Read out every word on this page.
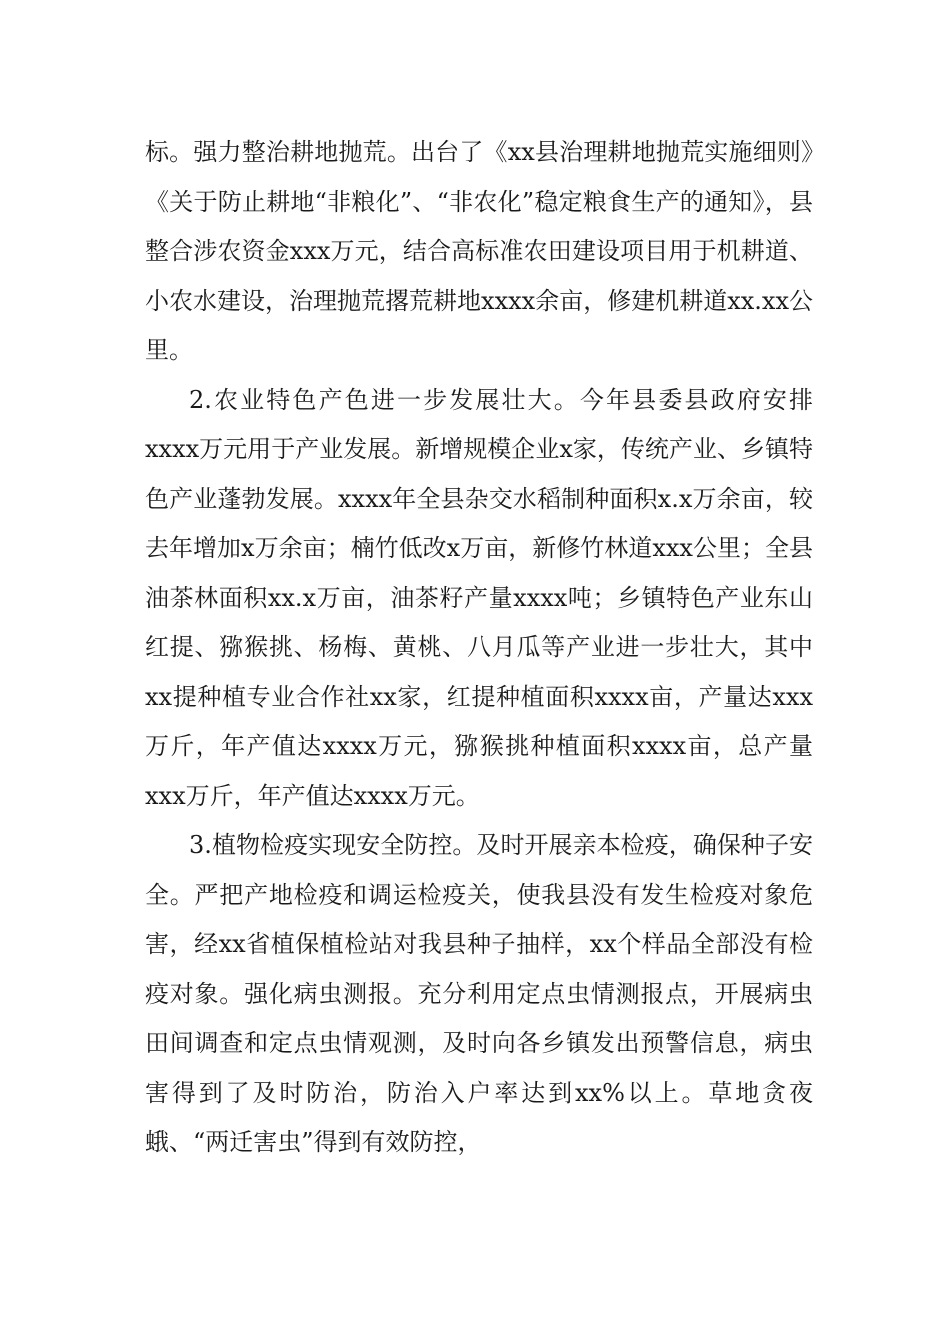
标。强力整治耕地抛荒。出台了《xx县治理耕地抛荒实施细则》《关于防止耕地“非粮化”、“非农化”稳定粮食生产的通知》，县整合涉农资金xxx万元，结合高标准农田建设项目用于机耕道、小农水建设，治理抛荒撂荒耕地xxxx余亩，修建机耕道xx.xx公里。

2.农业特色产色进一步发展壮大。今年县委县政府安排xxxx万元用于产业发展。新增规模企业x家，传统产业、乡镇特色产业蓬勃发展。xxxx年全县杂交水稻制种面积x.x万余亩，较去年增加x万余亩；楠竹低改x万亩，新修竹林道xxx公里；全县油茶林面积xx.x万亩，油茶籽产量xxxx吨；乡镇特色产业东山红提、猕猴挑、杨梅、黄桃、八月瓜等产业进一步壮大，其中xx提种植专业合作社xx家，红提种植面积xxxx亩，产量达xxx万斤，年产值达xxxx万元，猕猴挑种植面积xxxx亩，总产量xxx万斤，年产值达xxxx万元。

3.植物检疫实现安全防控。及时开展亲本检疫，确保种子安全。严把产地检疫和调运检疫关，使我县没有发生检疫对象危害，经xx省植保植检站对我县种子抽样，xx个样品全部没有检疫对象。强化病虫测报。充分利用定点虫情测报点，开展病虫田间调查和定点虫情观测，及时向各乡镇发出预警信息，病虫害得到了及时防治，防治入户率达到xx%以上。草地贪夜蛾、“两迁害虫”得到有效防控，
